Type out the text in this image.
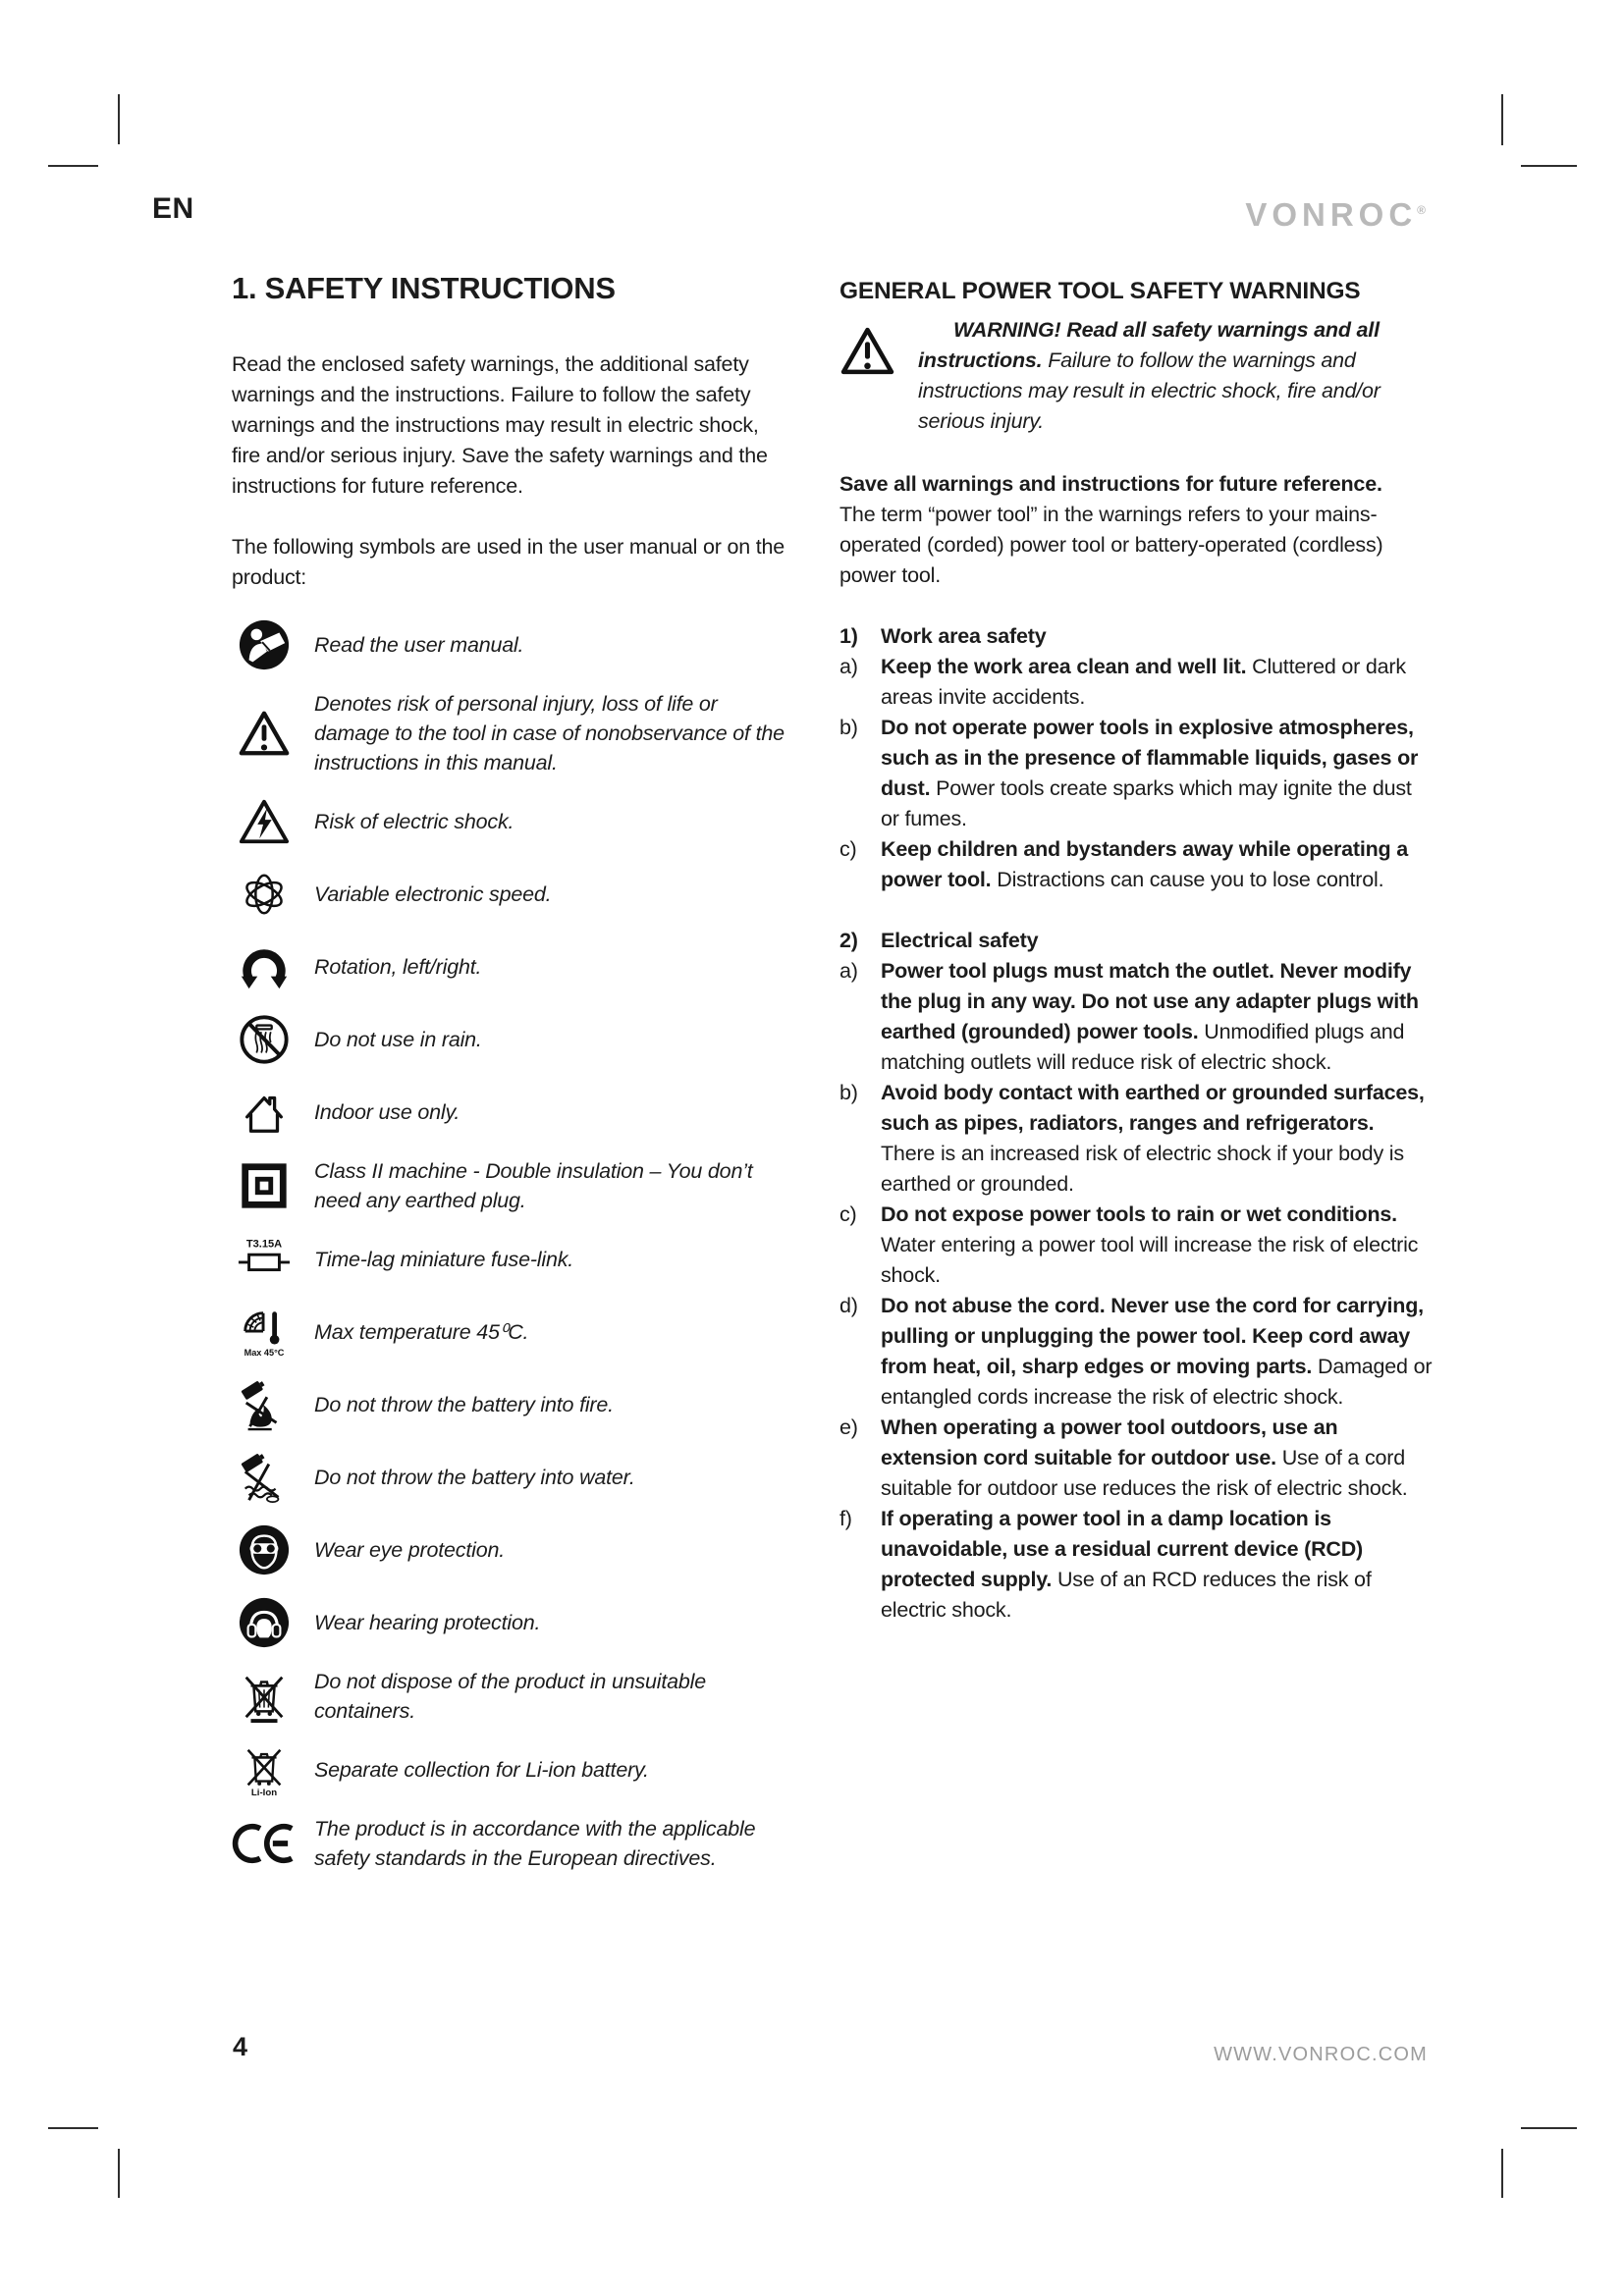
EN	VONROC®
1. SAFETY INSTRUCTIONS

Read the enclosed safety warnings, the additional safety warnings and the instructions. Failure to follow the safety warnings and the instructions may result in electric shock, fire and/or serious injury. Save the safety warnings and the instructions for future reference.

The following symbols are used in the user manual or on the product:

Read the user manual.
Denotes risk of personal injury, loss of life or damage to the tool in case of nonobservance of the instructions in this manual.
Risk of electric shock.
Variable electronic speed.
Rotation, left/right.
Do not use in rain.
Indoor use only.
Class II machine - Double insulation – You don’t need any earthed plug.
T3.15A
Time-lag miniature fuse-link.
Max 45°C
Max temperature 45⁰C.
Do not throw the battery into fire.
Do not throw the battery into water.
Wear eye protection.
Wear hearing protection.
Do not dispose of the product in unsuitable containers.
Li-Ion
Separate collection for Li-ion battery.
The product is in accordance with the applicable safety standards in the European directives.
GENERAL POWER TOOL SAFETY WARNINGS

WARNING! Read all safety warnings and all instructions. Failure to follow the warnings and instructions may result in electric shock, fire and/or serious injury.

Save all warnings and instructions for future reference.

The term “power tool” in the warnings refers to your mains-operated (corded) power tool or battery-operated (cordless) power tool.

1)	Work area safety
a)	Keep the work area clean and well lit. Cluttered or dark areas invite accidents.
b)	Do not operate power tools in explosive atmospheres, such as in the presence of flammable liquids, gases or dust. Power tools create sparks which may ignite the dust or fumes.
c)	Keep children and bystanders away while operating a power tool. Distractions can cause you to lose control.
2)	Electrical safety
a)	Power tool plugs must match the outlet. Never modify the plug in any way. Do not use any adapter plugs with earthed (grounded) power tools. Unmodified plugs and matching outlets will reduce risk of electric shock.
b)	Avoid body contact with earthed or grounded surfaces, such as pipes, radiators, ranges and refrigerators. There is an increased risk of electric shock if your body is earthed or grounded.
c)	Do not expose power tools to rain or wet conditions. Water entering a power tool will increase the risk of electric shock.
d)	Do not abuse the cord. Never use the cord for carrying, pulling or unplugging the power tool. Keep cord away from heat, oil, sharp edges or moving parts. Damaged or entangled cords increase the risk of electric shock.
e)	When operating a power tool outdoors, use an extension cord suitable for outdoor use. Use of a cord suitable for outdoor use reduces the risk of electric shock.
f)	If operating a power tool in a damp location is unavoidable, use a residual current device (RCD) protected supply. Use of an RCD reduces the risk of electric shock.
4	WWW.VONROC.COM
